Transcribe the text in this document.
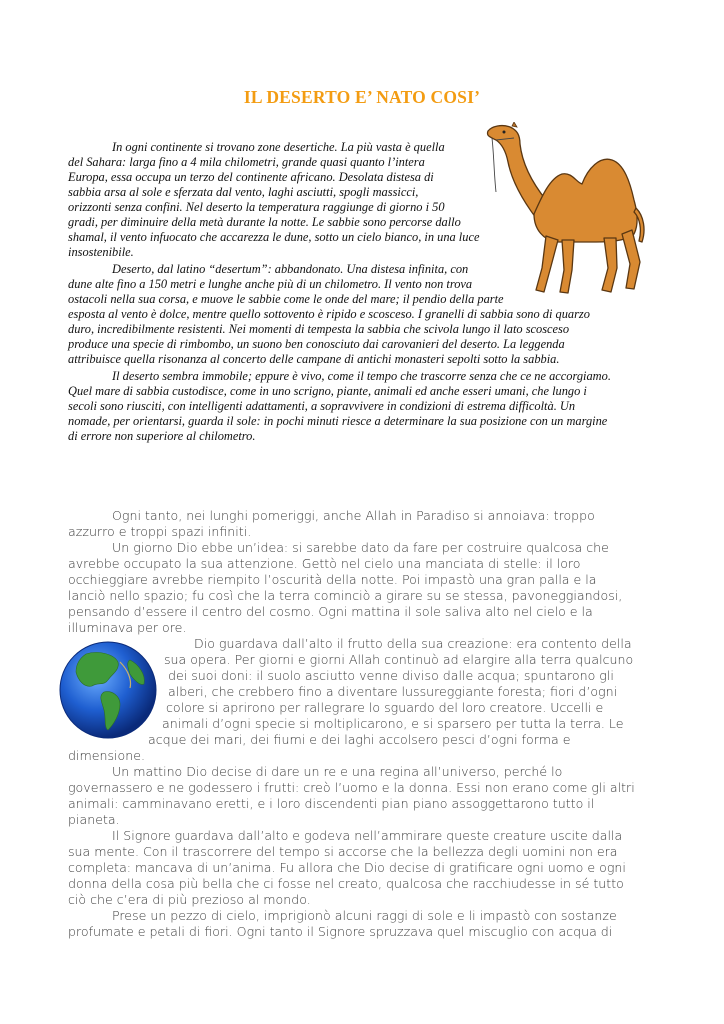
IL DESERTO E’ NATO COSI’

In ogni continente si trovano zone desertiche. La più vasta è quella

del Sahara: larga fino a 4 mila chilometri, grande quasi quanto l’intera

Europa, essa occupa un terzo del continente africano. Desolata distesa di

sabbia arsa al sole e sferzata dal vento, laghi asciutti, spogli massicci,

orizzonti senza confini. Nel deserto la temperatura raggiunge di giorno i 50

gradi, per diminuire della metà durante la notte. Le sabbie sono percorse dallo

shamal, il vento infuocato che accarezza le dune, sotto un cielo bianco, in una luce

insostenibile.

Deserto, dal latino “desertum”: abbandonato. Una distesa infinita, con

dune alte fino a 150 metri e lunghe anche più di un chilometro. Il vento non trova

ostacoli nella sua corsa, e muove le sabbie come le onde del mare; il pendio della parte

esposta al vento è dolce, mentre quello sottovento è ripido e scosceso. I granelli di sabbia sono di quarzo

duro, incredibilmente resistenti. Nei momenti di tempesta la sabbia che scivola lungo il lato scosceso

produce una specie di rimbombo, un suono ben conosciuto dai carovanieri del deserto. La leggenda

attribuisce quella risonanza al concerto delle campane di antichi monasteri sepolti sotto la sabbia.

Il deserto sembra immobile; eppure è vivo, come il tempo che trascorre senza che ce ne accorgiamo.

Quel mare di sabbia custodisce, come in uno scrigno, piante, animali ed anche esseri umani, che lungo i

secoli sono riusciti, con intelligenti adattamenti, a sopravvivere in condizioni di estrema difficoltà. Un

nomade, per orientarsi, guarda il sole: in pochi minuti riesce a determinare la sua posizione con un margine

di errore non superiore al chilometro.

Ogni tanto, nei lunghi pomeriggi, anche Allah in Paradiso si annoiava: troppo

azzurro e troppi spazi infiniti.

Un giorno Dio ebbe un’idea: si sarebbe dato da fare per costruire qualcosa che

avrebbe occupato la sua attenzione. Gettò nel cielo una manciata di stelle: il loro

occhieggiare avrebbe riempito l’oscurità della notte. Poi impastò una gran palla e la

lanciò nello spazio; fu così che la terra cominciò a girare su se stessa, pavoneggiandosi,

pensando d’essere il centro del cosmo. Ogni mattina il sole saliva alto nel cielo e la

illuminava per ore.

Dio guardava dall’alto il frutto della sua creazione: era contento della

sua opera. Per giorni e giorni Allah continuò ad elargire alla terra qualcuno

dei suoi doni: il suolo asciutto venne diviso dalle acqua; spuntarono gli

alberi, che crebbero fino a diventare lussureggiante foresta; fiori d’ogni

colore si aprirono per rallegrare lo sguardo del loro creatore. Uccelli e

animali d’ogni specie si moltiplicarono, e si sparsero per tutta la terra. Le

acque dei mari, dei fiumi e dei laghi accolsero pesci d’ogni forma e

dimensione.

Un mattino Dio decise di dare un re e una regina all’universo, perché lo

governassero e ne godessero i frutti: creò l’uomo e la donna. Essi non erano come gli altri

animali: camminavano eretti, e i loro discendenti pian piano assoggettarono tutto il

pianeta.

Il Signore guardava dall’alto e godeva nell’ammirare queste creature uscite dalla

sua mente. Con il trascorrere del tempo si accorse che la bellezza degli uomini non era

completa: mancava di un’anima. Fu allora che Dio decise di gratificare ogni uomo e ogni

donna della cosa più bella che ci fosse nel creato, qualcosa che racchiudesse in sé tutto

ciò che c’era di più prezioso al mondo.

Prese un pezzo di cielo, imprigionò alcuni raggi di sole e li impastò con sostanze

profumate e petali di fiori. Ogni tanto il Signore spruzzava quel miscuglio con acqua di
